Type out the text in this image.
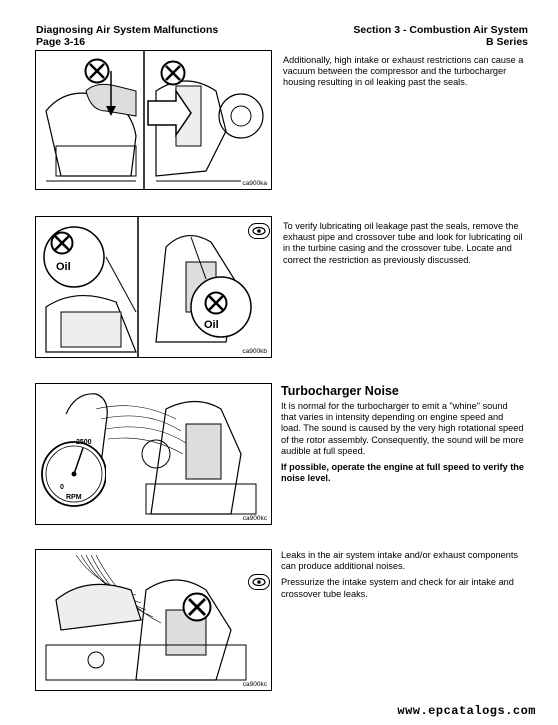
Diagnosing Air System Malfunctions
Page 3-16
Section 3 - Combustion Air System
B Series
ca900ka

Additionally, high intake or exhaust restrictions can cause a vacuum between the compressor and the turbocharger housing resulting in oil leaking past the seals.

Oil
Oil
ca900kb

To verify lubricating oil leakage past the seals, remove the exhaust pipe and crossover tube and look for lubricating oil in the turbine casing and the crossover tube. Locate and correct the restriction as previously discussed.

2500
0
RPM
ca900kc
Turbocharger Noise

It is normal for the turbocharger to emit a "whine" sound that varies in intensity depending on engine speed and load. The sound is caused by the very high rotational speed of the rotor assembly. Consequently, the sound will be more audible at full speed.

If possible, operate the engine at full speed to verify the noise level.

ca900kc

Leaks in the air system intake and/or exhaust components can produce additional noises.

Pressurize the intake system and check for air intake and crossover tube leaks.

www.epcatalogs.com
